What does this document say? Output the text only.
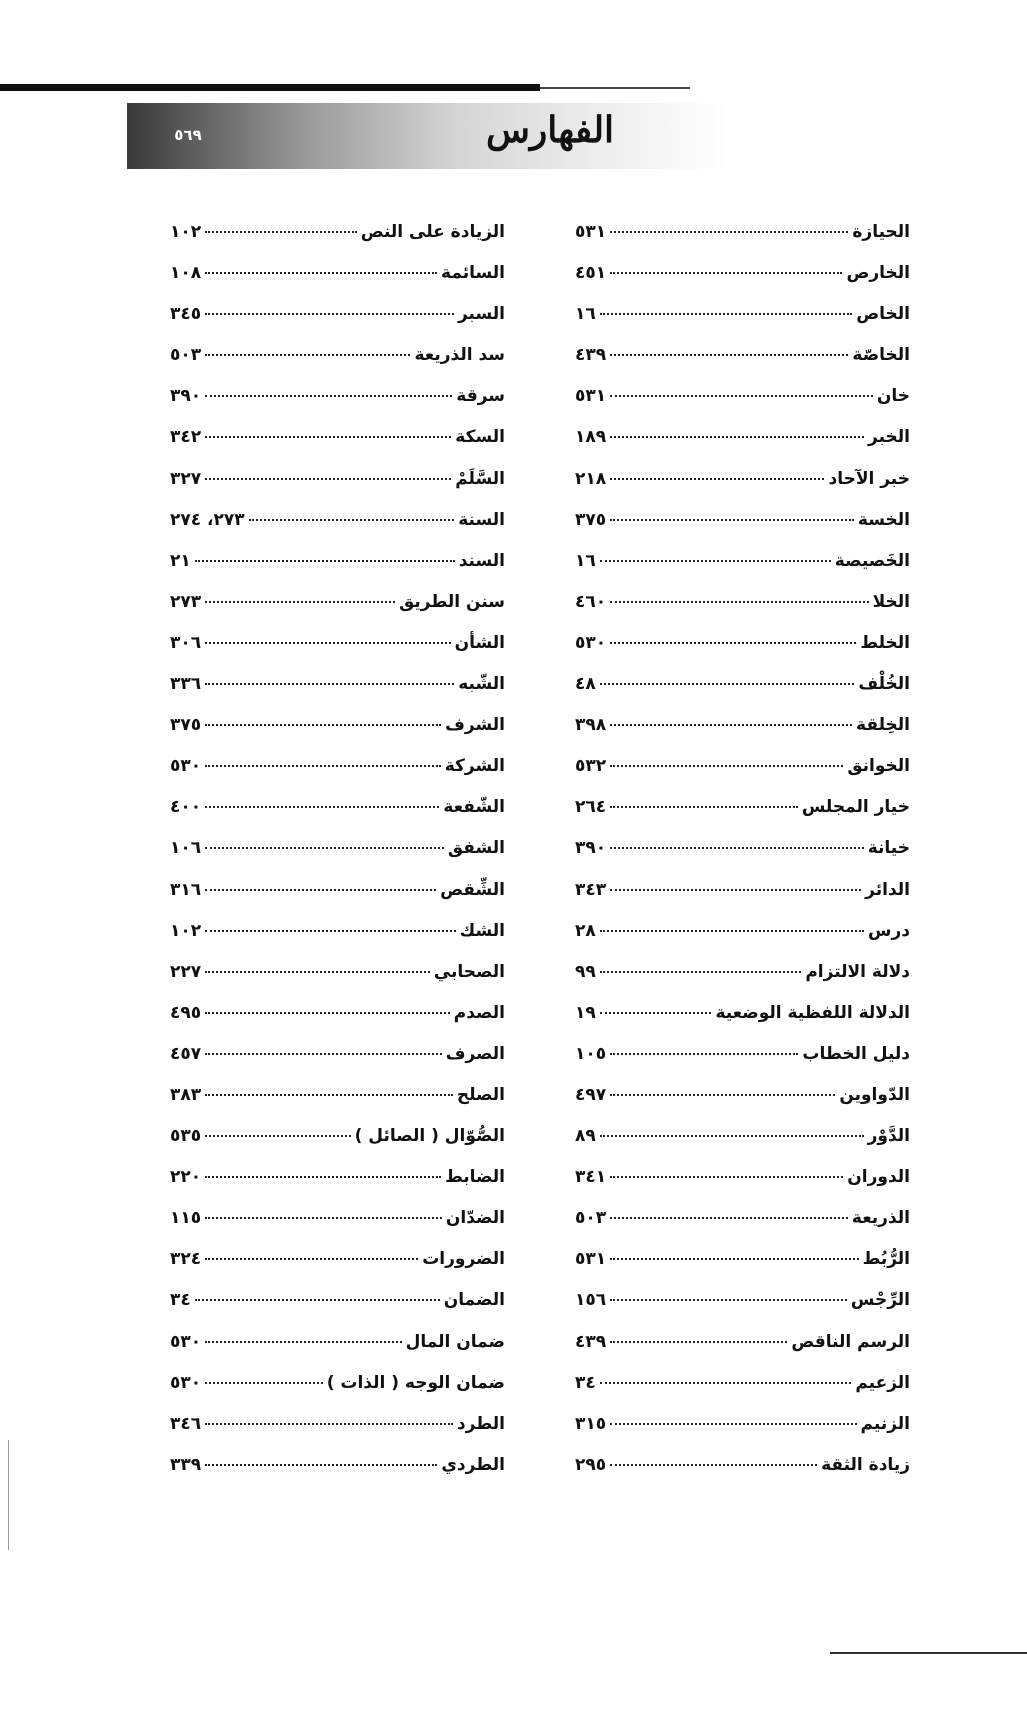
٥٦٩	الفهارس
الحيازة
٥٣١
الخارص
٤٥١
الخاص
١٦
الخاصّة
٤٣٩
خان
٥٣١
الخبر
١٨٩
خبر الآحاد
٢١٨
الخسة
٣٧٥
الخَصيصة
١٦
الخلا
٤٦٠
الخلط
٥٣٠
الخُلْف
٤٨
الخِلقة
٣٩٨
الخوانق
٥٣٢
خيار المجلس
٢٦٤
خيانة
٣٩٠
الدائر
٣٤٣
درس
٢٨
دلالة الالتزام
٩٩
الدلالة اللفظية الوضعية
١٩
دليل الخطاب
١٠٥
الدّواوين
٤٩٧
الدَّوْر
٨٩
الدوران
٣٤١
الذريعة
٥٠٣
الرُّبُط
٥٣١
الرِّجْس
١٥٦
الرسم الناقص
٤٣٩
الزعيم
٣٤
الزنيم
٣١٥
زيادة الثقة
٢٩٥
الزيادة على النص
١٠٢
السائمة
١٠٨
السبر
٣٤٥
سد الذريعة
٥٠٣
سرقة
٣٩٠
السكة
٣٤٢
السَّلَمْ
٣٢٧
السنة
٢٧٣، ٢٧٤
السند
٢١
سنن الطريق
٢٧٣
الشأن
٣٠٦
الشّبه
٣٣٦
الشرف
٣٧٥
الشركة
٥٣٠
الشّفعة
٤٠٠
الشفق
١٠٦
الشِّقص
٣١٦
الشك
١٠٢
الصحابي
٢٢٧
الصدم
٤٩٥
الصرف
٤٥٧
الصلح
٣٨٣
الصُّوّال ( الصائل )
٥٣٥
الضابط
٢٢٠
الضدّان
١١٥
الضرورات
٣٢٤
الضمان
٣٤
ضمان المال
٥٣٠
ضمان الوجه ( الذات )
٥٣٠
الطرد
٣٤٦
الطردي
٣٣٩
